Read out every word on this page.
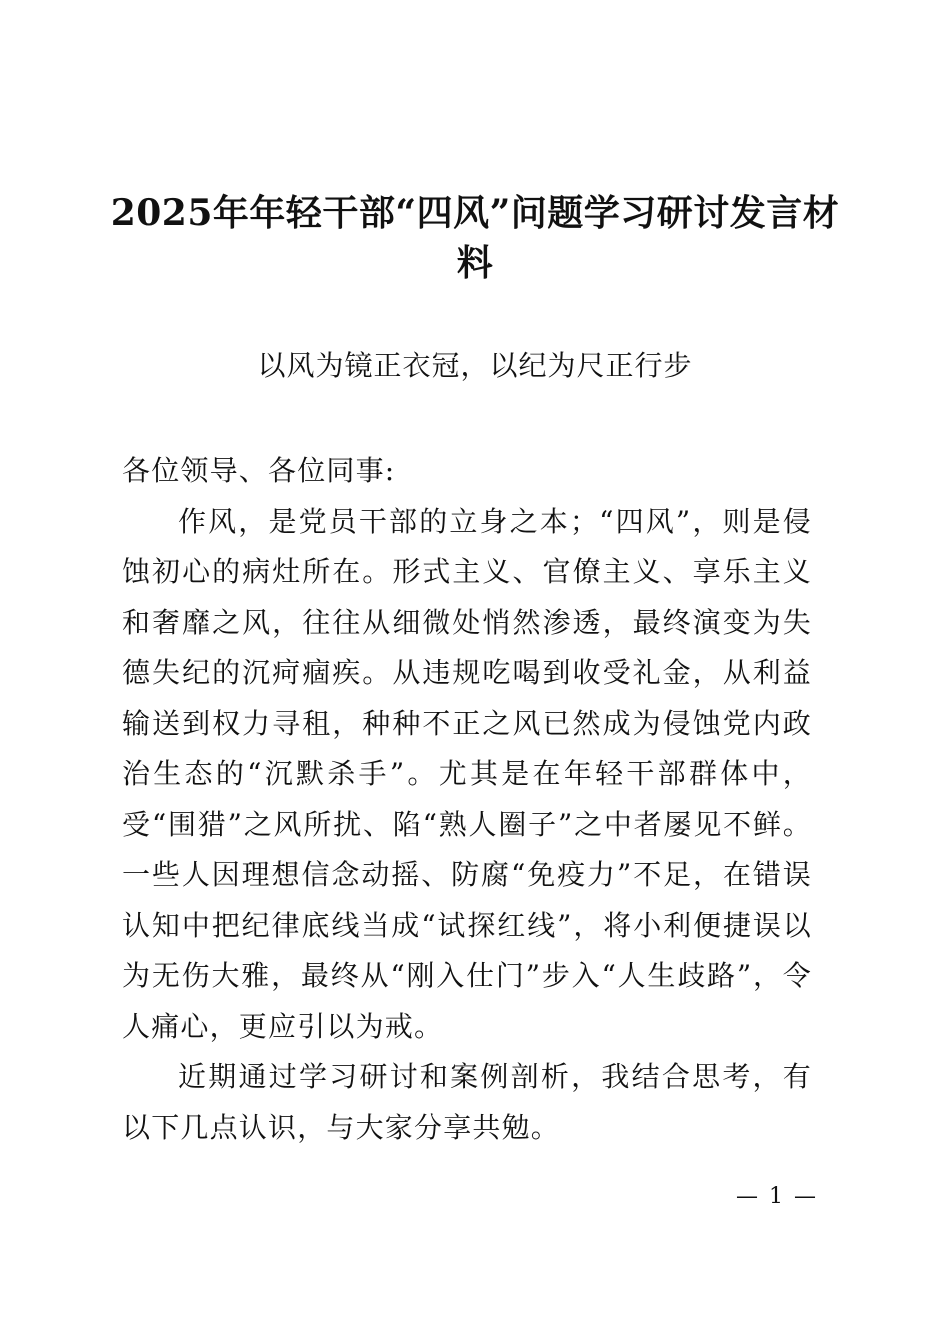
2025年年轻干部“四风”问题学习研讨发言材料
以风为镜正衣冠，以纪为尺正行步

各位领导、各位同事:

作风，是党员干部的立身之本；“四风”，则是侵蚀初心的病灶所在。形式主义、官僚主义、享乐主义和奢靡之风，往往从细微处悄然渗透，最终演变为失德失纪的沉疴痼疾。从违规吃喝到收受礼金，从利益输送到权力寻租，种种不正之风已然成为侵蚀党内政治生态的“沉默杀手”。尤其是在年轻干部群体中，受“围猎”之风所扰、陷“熟人圈子”之中者屡见不鲜。一些人因理想信念动摇、防腐“免疫力”不足，在错误认知中把纪律底线当成“试探红线”，将小利便捷误以为无伤大雅，最终从“刚入仕门”步入“人生歧路”，令人痛心，更应引以为戒。

近期通过学习研讨和案例剖析，我结合思考，有以下几点认识，与大家分享共勉。

— 1 —
